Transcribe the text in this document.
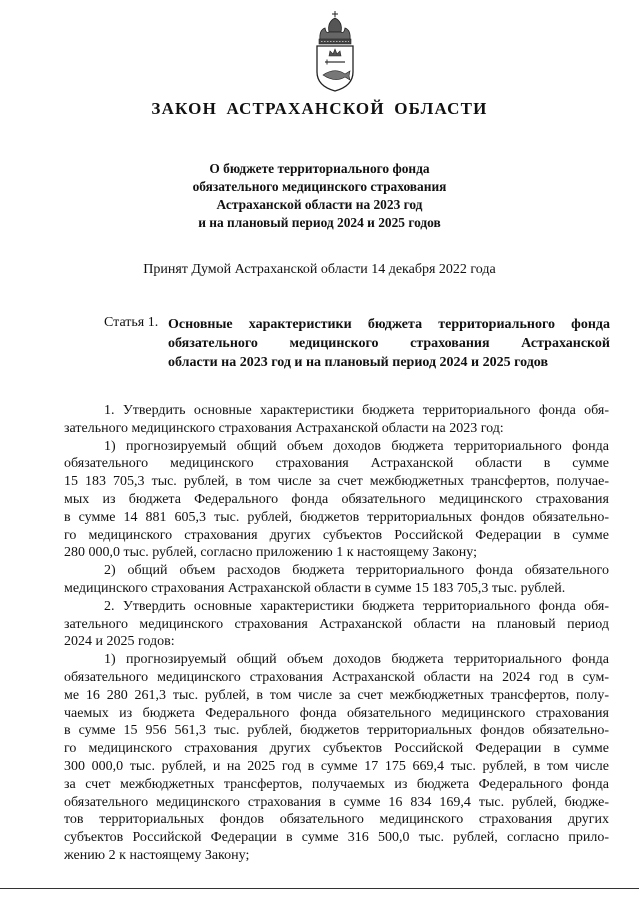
ЗАКОН АСТРАХАНСКОЙ ОБЛАСТИ
О бюджете территориального фонда
обязательного медицинского страхования
Астраханской области на 2023 год
и на плановый период 2024 и 2025 годов
Принят Думой Астраханской области 14 декабря 2022 года
Статья 1. Основные характеристики бюджета территориального фонда
обязательного медицинского страхования Астраханской
области на 2023 год и на плановый период 2024 и 2025 годов
1. Утвердить основные характеристики бюджета территориального фонда обя-
зательного медицинского страхования Астраханской области на 2023 год:
1) прогнозируемый общий объем доходов бюджета территориального фонда
обязательного медицинского страхования Астраханской области в сумме
15 183 705,3 тыс. рублей, в том числе за счет межбюджетных трансфертов, получае-
мых из бюджета Федерального фонда обязательного медицинского страхования
в сумме 14 881 605,3 тыс. рублей, бюджетов территориальных фондов обязательно-
го медицинского страхования других субъектов Российской Федерации в сумме
280 000,0 тыс. рублей, согласно приложению 1 к настоящему Закону;
2) общий объем расходов бюджета территориального фонда обязательного
медицинского страхования Астраханской области в сумме 15 183 705,3 тыс. рублей.
2. Утвердить основные характеристики бюджета территориального фонда обя-
зательного медицинского страхования Астраханской области на плановый период
2024 и 2025 годов:
1) прогнозируемый общий объем доходов бюджета территориального фонда
обязательного медицинского страхования Астраханской области на 2024 год в сум-
ме 16 280 261,3 тыс. рублей, в том числе за счет межбюджетных трансфертов, полу-
чаемых из бюджета Федерального фонда обязательного медицинского страхования
в сумме 15 956 561,3 тыс. рублей, бюджетов территориальных фондов обязательно-
го медицинского страхования других субъектов Российской Федерации в сумме
300 000,0 тыс. рублей, и на 2025 год в сумме 17 175 669,4 тыс. рублей, в том числе
за счет межбюджетных трансфертов, получаемых из бюджета Федерального фонда
обязательного медицинского страхования в сумме 16 834 169,4 тыс. рублей, бюдже-
тов территориальных фондов обязательного медицинского страхования других
субъектов Российской Федерации в сумме 316 500,0 тыс. рублей, согласно прило-
жению 2 к настоящему Закону;
